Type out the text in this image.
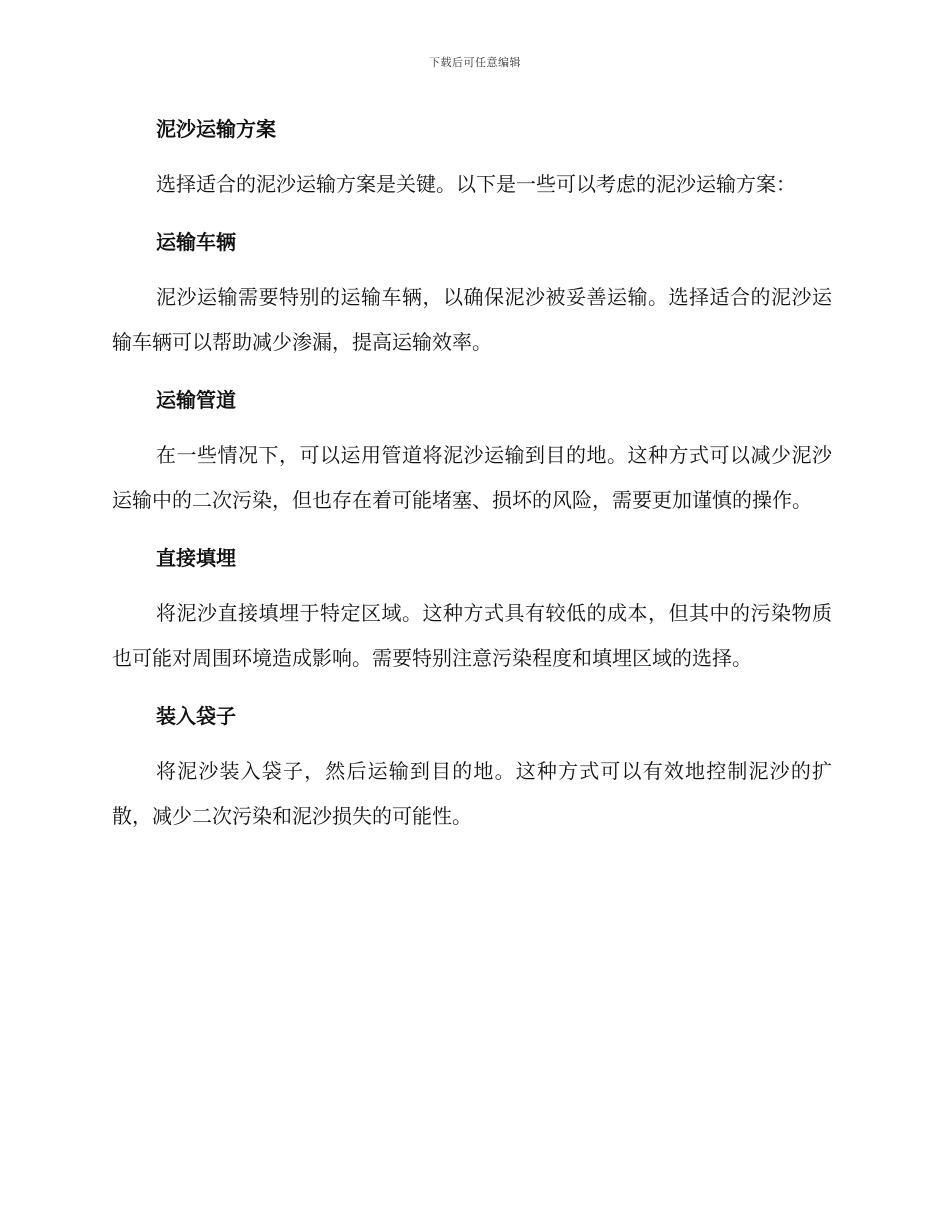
下载后可任意编辑
泥沙运输方案

选择适合的泥沙运输方案是关键。以下是一些可以考虑的泥沙运输方案：

运输车辆

泥沙运输需要特别的运输车辆，以确保泥沙被妥善运输。选择适合的泥沙运输车辆可以帮助减少渗漏，提高运输效率。

运输管道

在一些情况下，可以运用管道将泥沙运输到目的地。这种方式可以减少泥沙运输中的二次污染，但也存在着可能堵塞、损坏的风险，需要更加谨慎的操作。

直接填埋

将泥沙直接填埋于特定区域。这种方式具有较低的成本，但其中的污染物质也可能对周围环境造成影响。需要特别注意污染程度和填埋区域的选择。

装入袋子

将泥沙装入袋子，然后运输到目的地。这种方式可以有效地控制泥沙的扩散，减少二次污染和泥沙损失的可能性。
